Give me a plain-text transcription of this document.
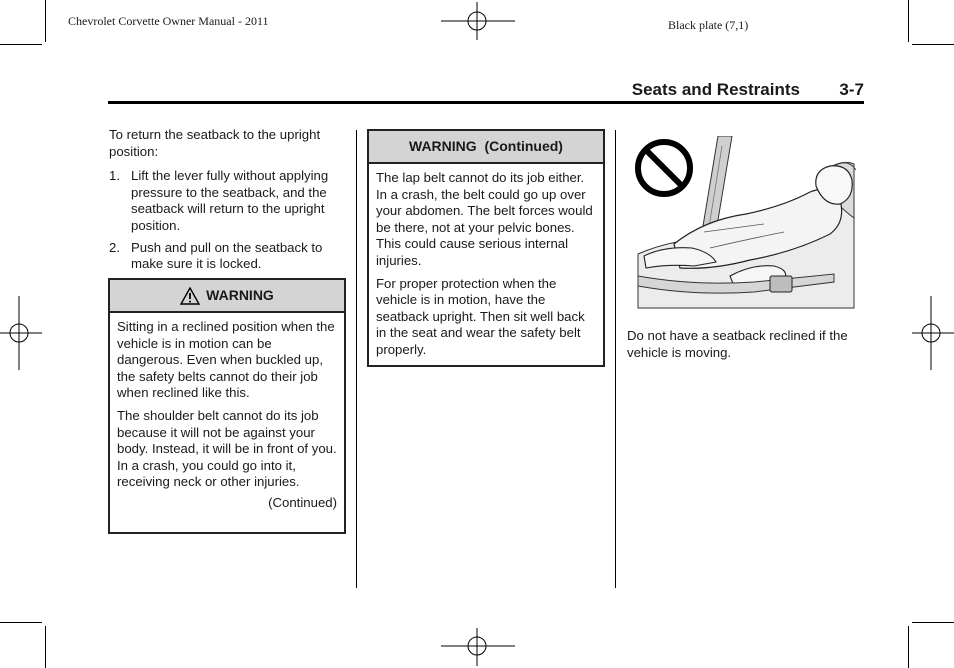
Chevrolet Corvette Owner Manual - 2011	Black plate (7,1)
Seats and Restraints 3-7

To return the seatback to the upright position:

1. Lift the lever fully without applying pressure to the seatback, and the seatback will return to the upright position.
2. Push and pull on the seatback to make sure it is locked.
WARNING

Sitting in a reclined position when the vehicle is in motion can be dangerous. Even when buckled up, the safety belts cannot do their job when reclined like this.

The shoulder belt cannot do its job because it will not be against your body. Instead, it will be in front of you. In a crash, you could go into it, receiving neck or other injuries.

(Continued)
WARNING  (Continued)

The lap belt cannot do its job either. In a crash, the belt could go up over your abdomen. The belt forces would be there, not at your pelvic bones. This could cause serious internal injuries.

For proper protection when the vehicle is in motion, have the seatback upright. Then sit well back in the seat and wear the safety belt properly.

Do not have a seatback reclined if the vehicle is moving.
